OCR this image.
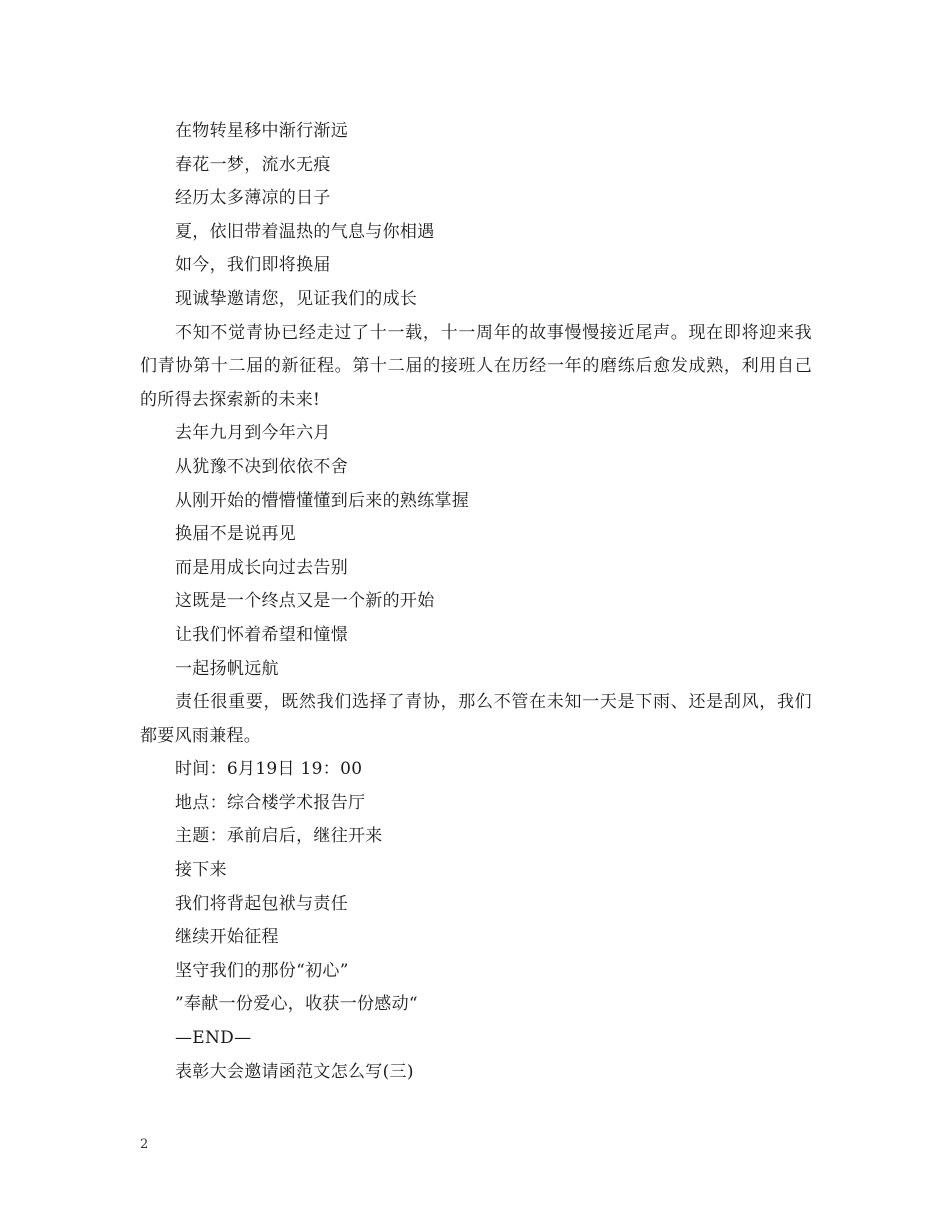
在物转星移中渐行渐远

春花一梦，流水无痕

经历太多薄凉的日子

夏，依旧带着温热的气息与你相遇

如今，我们即将换届

现诚挚邀请您，见证我们的成长

不知不觉青协已经走过了十一载，十一周年的故事慢慢接近尾声。现在即将迎来我们青协第十二届的新征程。第十二届的接班人在历经一年的磨练后愈发成熟，利用自己的所得去探索新的未来!

去年九月到今年六月

从犹豫不决到依依不舍

从刚开始的懵懵懂懂到后来的熟练掌握

换届不是说再见

而是用成长向过去告别

这既是一个终点又是一个新的开始

让我们怀着希望和憧憬

一起扬帆远航

责任很重要，既然我们选择了青协，那么不管在未知一天是下雨、还是刮风，我们都要风雨兼程。

时间：6月19日 19：00

地点：综合楼学术报告厅

主题：承前启后，继往开来

接下来

我们将背起包袱与责任

继续开始征程

坚守我们的那份“初心”

”奉献一份爱心，收获一份感动“

—END—

表彰大会邀请函范文怎么写(三)

2
